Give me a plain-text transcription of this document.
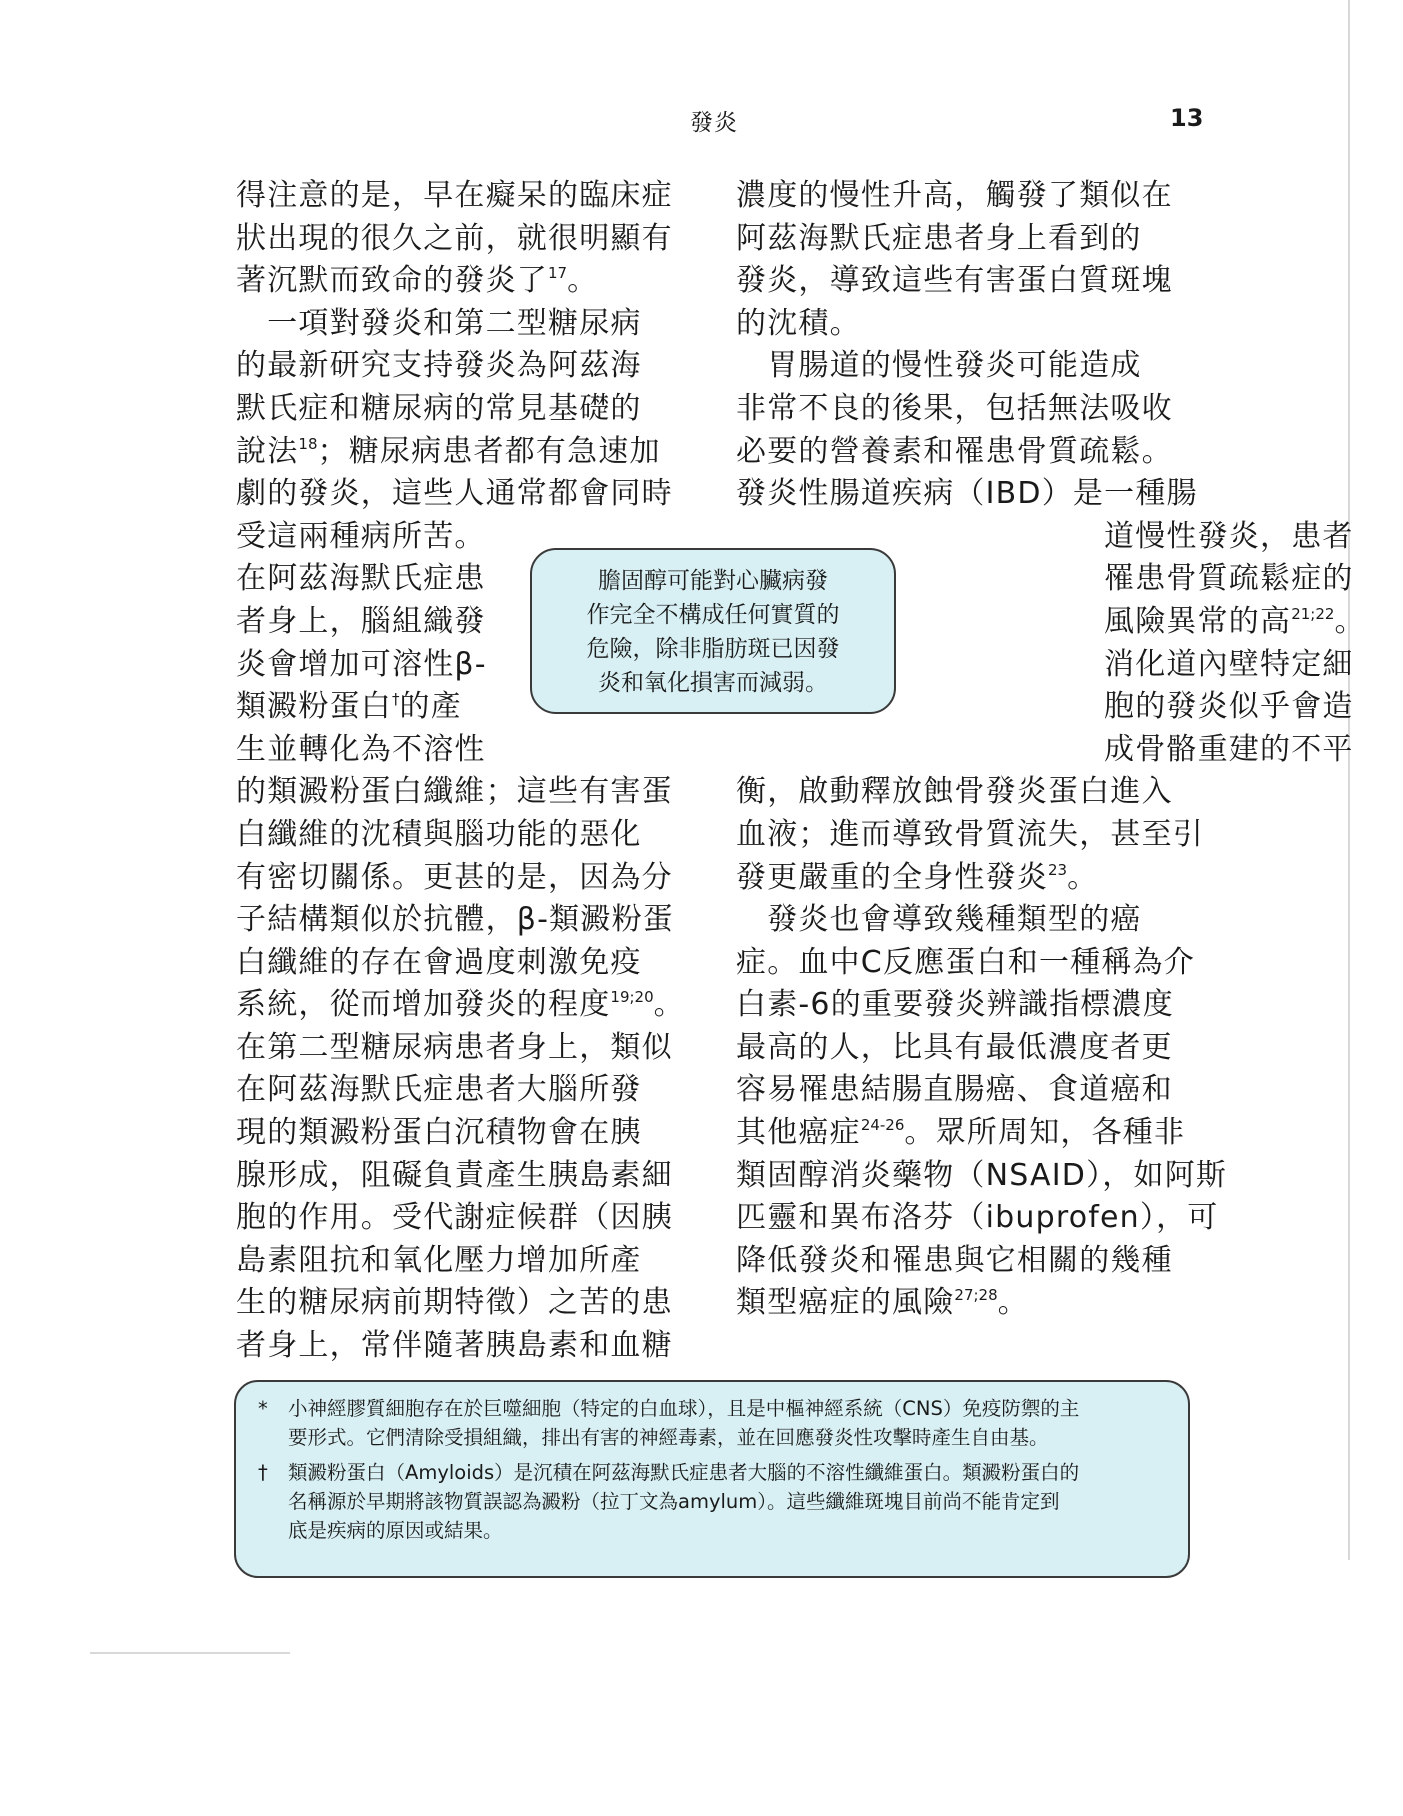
發炎	13
得注意的是，早在癡呆的臨床症
狀出現的很久之前，就很明顯有
著沉默而致命的發炎了$^{17}$。
　一項對發炎和第二型糖尿病
的最新研究支持發炎為阿茲海
默氏症和糖尿病的常見基礎的
說法$^{18}$；糖尿病患者都有急速加
劇的發炎，這些人通常都會同時
受這兩種病所苦。
在阿茲海默氏症患
者身上，腦組織發
炎會增加可溶性β-
類澱粉蛋白†的產
生並轉化為不溶性
的類澱粉蛋白纖維；這些有害蛋
白纖維的沈積與腦功能的惡化
有密切關係。更甚的是，因為分
子結構類似於抗體，β-類澱粉蛋
白纖維的存在會過度刺激免疫
系統，從而增加發炎的程度$^{19;20}$。
在第二型糖尿病患者身上，類似
在阿茲海默氏症患者大腦所發
現的類澱粉蛋白沉積物會在胰
腺形成，阻礙負責產生胰島素細
胞的作用。受代謝症候群（因胰
島素阻抗和氧化壓力增加所產
生的糖尿病前期特徵）之苦的患
者身上，常伴隨著胰島素和血糖
濃度的慢性升高，觸發了類似在
阿茲海默氏症患者身上看到的
發炎，導致這些有害蛋白質斑塊
的沈積。
　胃腸道的慢性發炎可能造成
非常不良的後果，包括無法吸收
必要的營養素和罹患骨質疏鬆。
發炎性腸道疾病（IBD）是一種腸
道慢性發炎，患者
罹患骨質疏鬆症的
風險異常的高$^{21;22}$。
消化道內壁特定細
胞的發炎似乎會造
成骨骼重建的不平
衡，啟動釋放蝕骨發炎蛋白進入
血液；進而導致骨質流失，甚至引
發更嚴重的全身性發炎$^{23}$。
　發炎也會導致幾種類型的癌
症。血中C反應蛋白和一種稱為介
白素-6的重要發炎辨識指標濃度
最高的人，比具有最低濃度者更
容易罹患結腸直腸癌、食道癌和
其他癌症$^{24-26}$。眾所周知，各種非
類固醇消炎藥物（NSAID），如阿斯
匹靈和異布洛芬（ibuprofen），可
降低發炎和罹患與它相關的幾種
類型癌症的風險$^{27;28}$。
膽固醇可能對心臟病發
作完全不構成任何實質的
危險，除非脂肪斑已因發
炎和氧化損害而減弱。
*	小神經膠質細胞存在於巨噬細胞（特定的白血球），且是中樞神經系統（CNS）免疫防禦的主
要形式。它們清除受損組織，排出有害的神經毒素，並在回應發炎性攻擊時產生自由基。
†	類澱粉蛋白（Amyloids）是沉積在阿茲海默氏症患者大腦的不溶性纖維蛋白。類澱粉蛋白的
名稱源於早期將該物質誤認為澱粉（拉丁文為amylum）。這些纖維斑塊目前尚不能肯定到
底是疾病的原因或結果。
